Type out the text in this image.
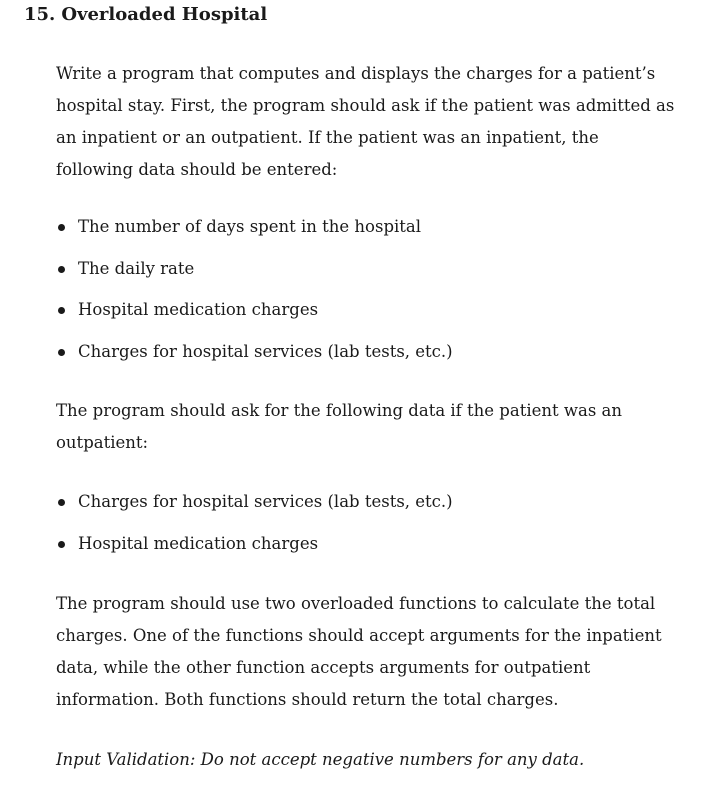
15. Overloaded Hospital

Write a program that computes and displays the charges for a patient’s hospital stay. First, the program should ask if the patient was admitted as an inpatient or an outpatient. If the patient was an inpatient, the following data should be entered:

The number of days spent in the hospital
The daily rate
Hospital medication charges
Charges for hospital services (lab tests, etc.)

The program should ask for the following data if the patient was an outpatient:

Charges for hospital services (lab tests, etc.)
Hospital medication charges

The program should use two overloaded functions to calculate the total charges. One of the functions should accept arguments for the inpatient data, while the other function accepts arguments for outpatient information. Both functions should return the total charges.

Input Validation: Do not accept negative numbers for any data.
